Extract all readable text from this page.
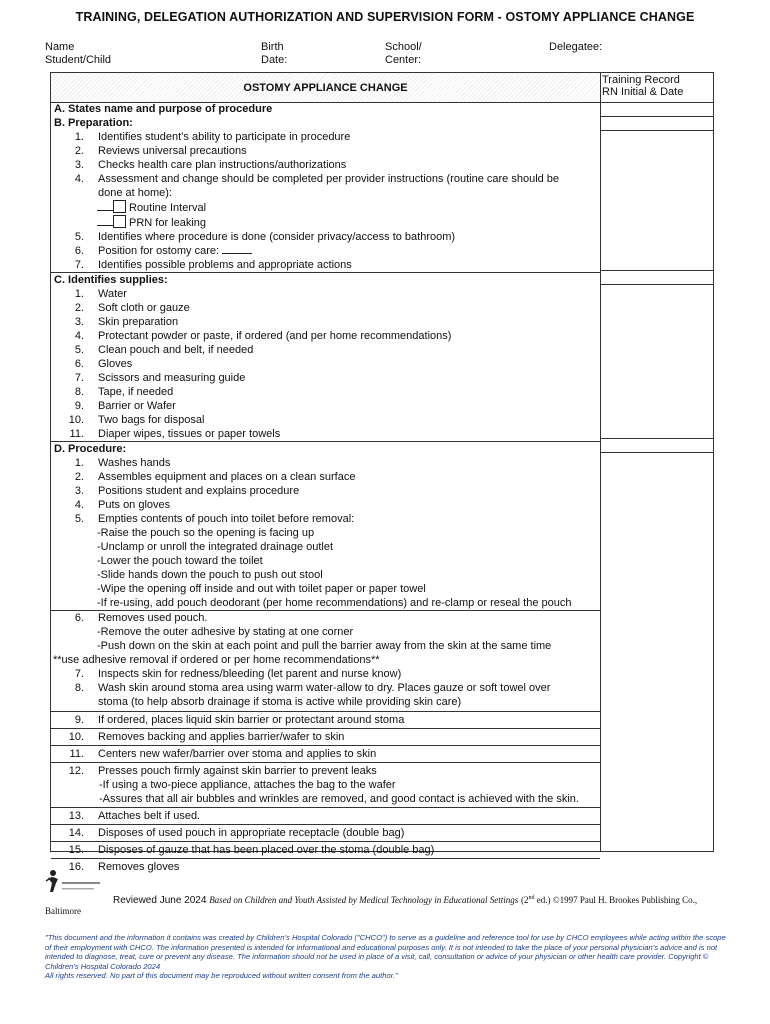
TRAINING, DELEGATION AUTHORIZATION AND SUPERVISION FORM - OSTOMY APPLIANCE CHANGE
Name
Student/Child
Birth
Date:
School/
Center:
Delegatee:
OSTOMY APPLIANCE CHANGE
Training Record
RN Initial & Date
A. States name and purpose of procedure
B. Preparation:
1. Identifies student’s ability to participate in procedure
2. Reviews universal precautions
3. Checks health care plan instructions/authorizations
4. Assessment and change should be completed per provider instructions (routine care should be
done at home):
Routine Interval
PRN for leaking
5. Identifies where procedure is done (consider privacy/access to bathroom)
6. Position for ostomy care:
7. Identifies possible problems and appropriate actions
C. Identifies supplies:
1. Water
2. Soft cloth or gauze
3. Skin preparation
4. Protectant powder or paste, if ordered (and per home recommendations)
5. Clean pouch and belt, if needed
6. Gloves
7. Scissors and measuring guide
8. Tape, if needed
9. Barrier or Wafer
10. Two bags for disposal
11. Diaper wipes, tissues or paper towels
D. Procedure:
1. Washes hands
2. Assembles equipment and places on a clean surface
3. Positions student and explains procedure
4. Puts on gloves
5. Empties contents of pouch into toilet before removal:
-Raise the pouch so the opening is facing up
-Unclamp or unroll the integrated drainage outlet
-Lower the pouch toward the toilet
-Slide hands down the pouch to push out stool
-Wipe the opening off inside and out with toilet paper or paper towel
-If re-using, add pouch deodorant (per home recommendations) and re-clamp or reseal the pouch
6. Removes used pouch.
-Remove the outer adhesive by stating at one corner
-Push down on the skin at each point and pull the barrier away from the skin at the same time
**use adhesive removal if ordered or per home recommendations**
7. Inspects skin for redness/bleeding (let parent and nurse know)
8. Wash skin around stoma area using warm water-allow to dry. Places gauze or soft towel over
stoma (to help absorb drainage if stoma is active while providing skin care)
9. If ordered, places liquid skin barrier or protectant around stoma
10. Removes backing and applies barrier/wafer to skin
11. Centers new wafer/barrier over stoma and applies to skin
12. Presses pouch firmly against skin barrier to prevent leaks
-If using a two-piece appliance, attaches the bag to the wafer
-Assures that all air bubbles and wrinkles are removed, and good contact is achieved with the skin.
13. Attaches belt if used.
14. Disposes of used pouch in appropriate receptacle (double bag)
15. Disposes of gauze that has been placed over the stoma (double bag)
16. Removes gloves
Reviewed June 2024 Based on Children and Youth Assisted by Medical Technology in Educational Settings (2nd ed.) ©1997 Paul H. Brookes Publishing Co.,
Baltimore
"This document and the information it contains was created by Children’s Hospital Colorado ("CHCO") to serve as a guideline and reference tool for use by CHCO employees while acting within the scope of their employment with CHCO. The information presented is intended for informational and educational purposes only. It is not intended to take the place of your personal physician’s advice and is not intended to diagnose, treat, cure or prevent any disease. The information should not be used in place of a visit, call, consultation or advice of your physician or other health care provider. Copyright © Children’s Hospital Colorado 2024
All rights reserved. No part of this document may be reproduced without written consent from the author."
